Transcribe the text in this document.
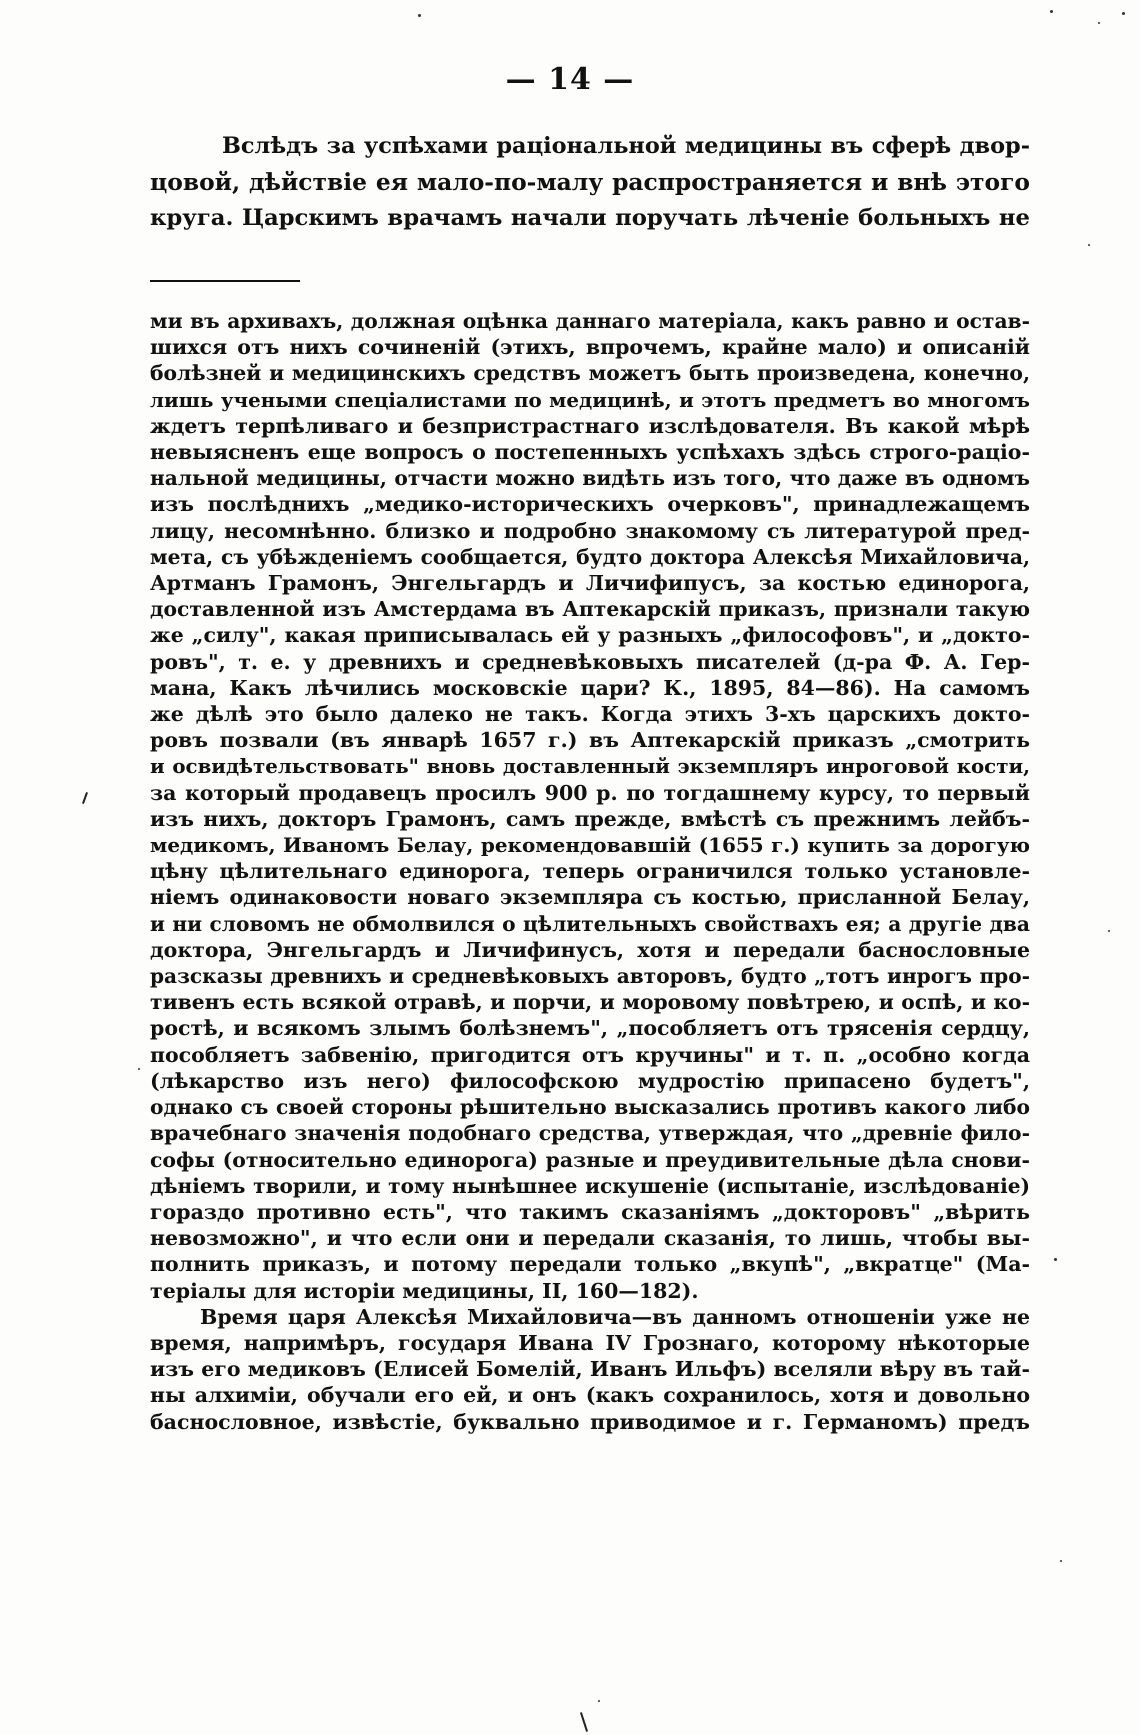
— 14 —
Вслѣдъ за успѣхами раціональной медицины въ сферѣ двор-
цовой, дѣйствіе ея мало-по-малу распространяется и внѣ этого
круга. Царскимъ врачамъ начали поручать лѣченіе больныхъ не
ми въ архивахъ, должная оцѣнка даннаго матеріала, какъ равно и остав-
шихся отъ нихъ сочиненій (этихъ, впрочемъ, крайне мало) и описаній
болѣзней и медицинскихъ средствъ можетъ быть произведена, конечно,
лишь учеными спеціалистами по медицинѣ, и этотъ предметъ во многомъ
ждетъ терпѣливаго и безпристрастнаго изслѣдователя. Въ какой мѣрѣ
невыясненъ еще вопросъ о постепенныхъ успѣхахъ здѣсь строго-раціо-
нальной медицины, отчасти можно видѣть изъ того, что даже въ одномъ
изъ послѣднихъ „медико-историческихъ очерковъ", принадлежащемъ
лицу, несомнѣнно. близко и подробно знакомому съ литературой пред-
мета, съ убѣжденіемъ сообщается, будто доктора Алексѣя Михайловича,
Артманъ Грамонъ, Энгельгардъ и Личифипусъ, за костью единорога,
доставленной изъ Амстердама въ Аптекарскій приказъ, признали такую
же „силу", какая приписывалась ей у разныхъ „философовъ", и „докто-
ровъ", т. е. у древнихъ и средневѣковыхъ писателей (д-ра Ф. А. Гер-
мана, Какъ лѣчились московскіе цари? К., 1895, 84—86). На самомъ
же дѣлѣ это было далеко не такъ. Когда этихъ 3-хъ царскихъ докто-
ровъ позвали (въ январѣ 1657 г.) въ Аптекарскій приказъ „смотрить
и освидѣтельствовать" вновь доставленный экземпляръ инроговой кости,
за который продавецъ просилъ 900 р. по тогдашнему курсу, то первый
изъ нихъ, докторъ Грамонъ, самъ прежде, вмѣстѣ съ прежнимъ лейбъ-
медикомъ, Иваномъ Белау, рекомендовавшій (1655 г.) купить за дорогую
цѣну цѣлительнаго единорога, теперь ограничился только установле-
ніемъ одинаковости новаго экземпляра съ костью, присланной Белау,
и ни словомъ не обмолвился о цѣлительныхъ свойствахъ ея; а другіе два
доктора, Энгельгардъ и Личифинусъ, хотя и передали баснословные
разсказы древнихъ и средневѣковыхъ авторовъ, будто „тотъ инрогъ про-
тивенъ есть всякой отравѣ, и порчи, и моровому повѣтрею, и оспѣ, и ко-
ростѣ, и всякомъ злымъ болѣзнемъ", „пособляетъ отъ трясенія сердцу,
пособляетъ забвенію, пригодится отъ кручины" и т. п. „особно когда
(лѣкарство изъ него) философскою мудростію припасено будетъ",
однако съ своей стороны рѣшительно высказались противъ какого либо
врачебнаго значенія подобнаго средства, утверждая, что „древніе фило-
софы (относительно единорога) разные и преудивительные дѣла снови-
дѣніемъ творили, и тому нынѣшнее искушеніе (испытаніе, изслѣдованіе)
гораздо противно есть", что такимъ сказаніямъ „докторовъ" „вѣрить
невозможно", и что если они и передали сказанія, то лишь, чтобы вы-
полнить приказъ, и потому передали только „вкупѣ", „вкратце" (Ма-
теріалы для исторіи медицины, II, 160—182).
Время царя Алексѣя Михайловича—въ данномъ отношеніи уже не
время, напримѣръ, государя Ивана IV Грознаго, которому нѣкоторые
изъ его медиковъ (Елисей Бомелій, Иванъ Ильфъ) вселяли вѣру въ тай-
ны алхиміи, обучали его ей, и онъ (какъ сохранилось, хотя и довольно
баснословное, извѣстіе, буквально приводимое и г. Германомъ) предъ
